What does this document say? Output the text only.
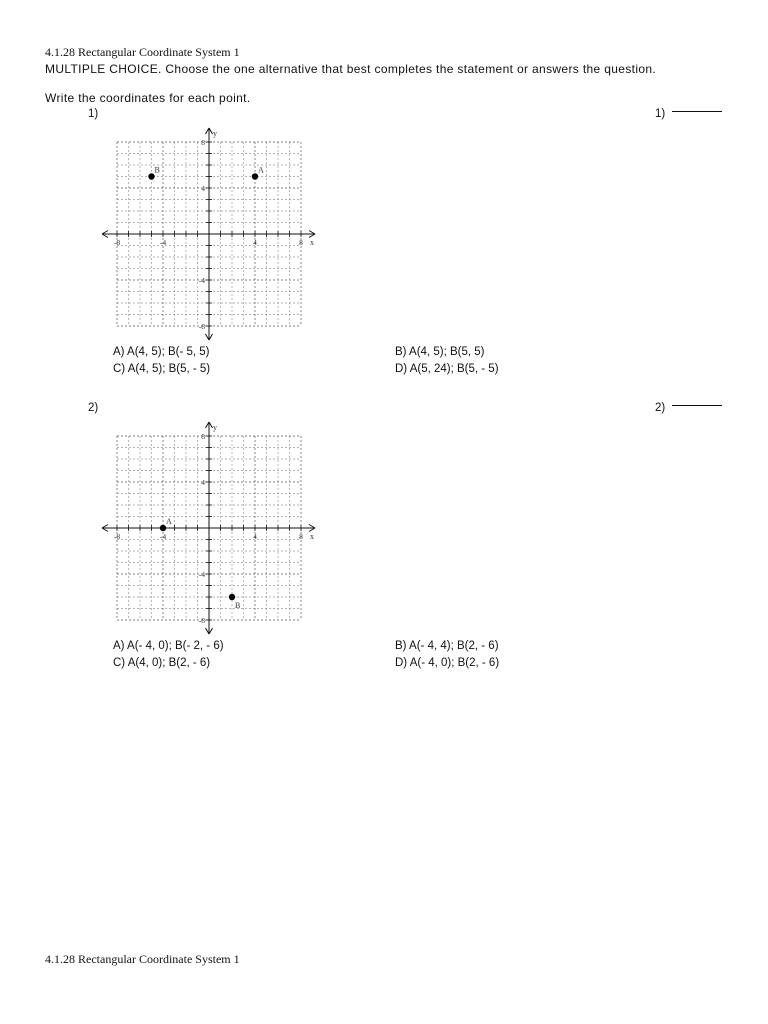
4.1.28 Rectangular Coordinate System 1
MULTIPLE CHOICE. Choose the one alternative that best completes the statement or answers the question.
Write the coordinates for each point.
1)	1)
-8	-4	4	8
8
4
-4
-8
x
y
A
B
A) A(4, 5); B(- 5, 5)	B) A(4, 5); B(5, 5)
C) A(4, 5); B(5, - 5)	D) A(5, 24); B(5, - 5)
2)	2)
-8	-4	4	8
8
4
-4
-8
x
y
A
B
A) A(- 4, 0); B(- 2, - 6)	B) A(- 4, 4); B(2, - 6)
C) A(4, 0); B(2, - 6)	D) A(- 4, 0); B(2, - 6)
4.1.28 Rectangular Coordinate System 1
